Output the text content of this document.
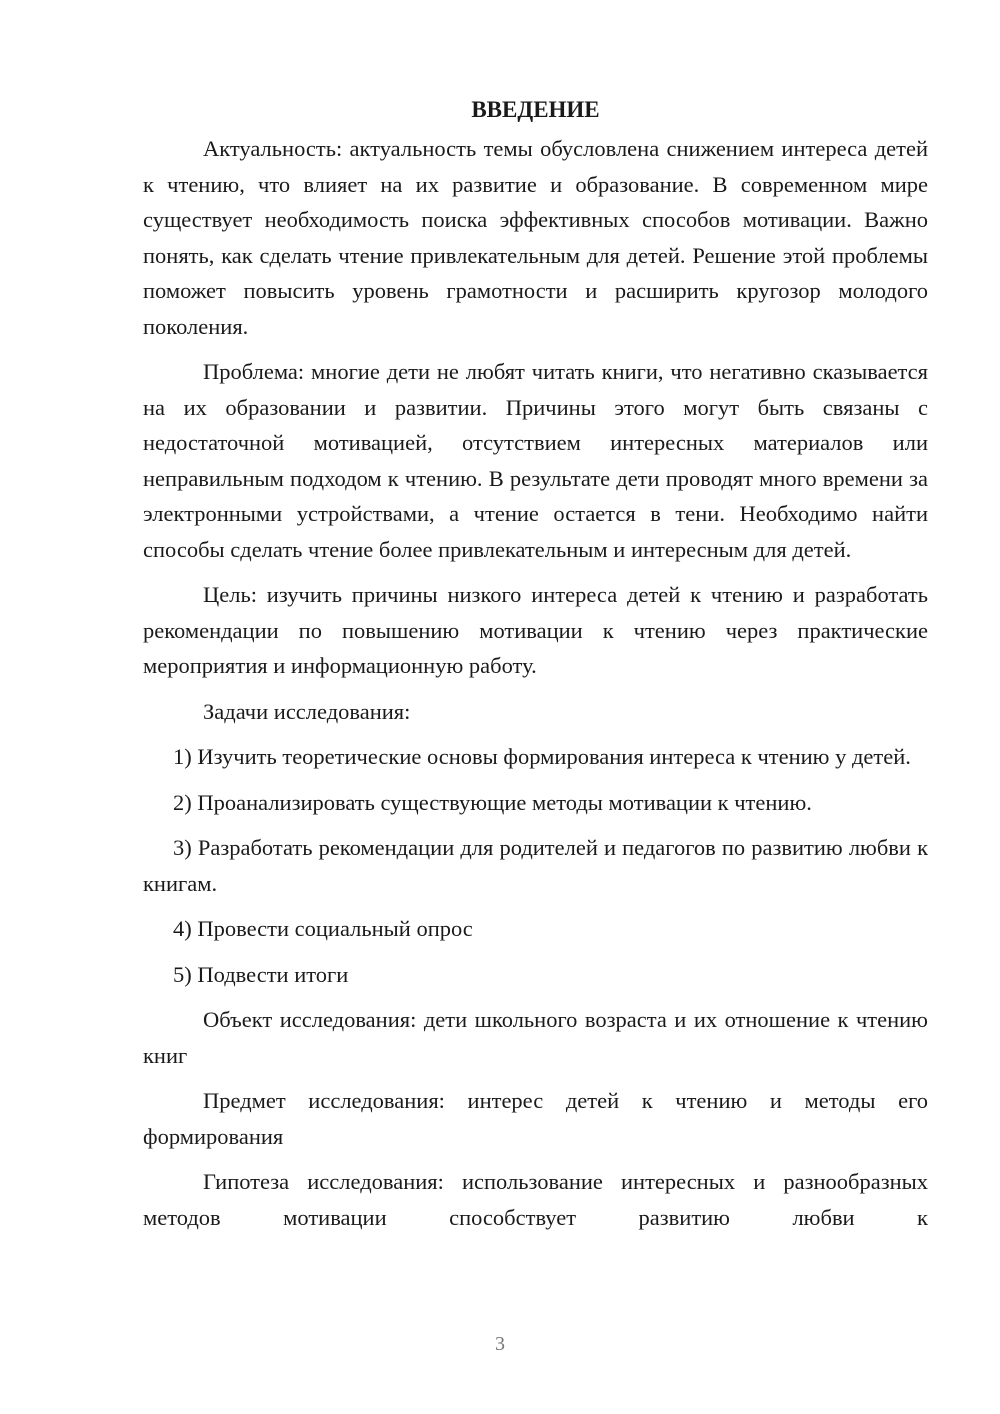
ВВЕДЕНИЕ

Актуальность: актуальность темы обусловлена снижением интереса детей к чтению, что влияет на их развитие и образование. В современном мире существует необходимость поиска эффективных способов мотивации. Важно понять, как сделать чтение привлекательным для детей. Решение этой проблемы поможет повысить уровень грамотности и расширить кругозор молодого поколения.

Проблема: многие дети не любят читать книги, что негативно сказывается на их образовании и развитии. Причины этого могут быть связаны с недостаточной мотивацией, отсутствием интересных материалов или неправильным подходом к чтению. В результате дети проводят много времени за электронными устройствами, а чтение остается в тени. Необходимо найти способы сделать чтение более привлекательным и интересным для детей.

Цель: изучить причины низкого интереса детей к чтению и разработать рекомендации по повышению мотивации к чтению через практические мероприятия и информационную работу.

Задачи исследования:

1) Изучить теоретические основы формирования интереса к чтению у детей.

2) Проанализировать существующие методы мотивации к чтению.

3) Разработать рекомендации для родителей и педагогов по развитию любви к книгам.

4) Провести социальный опрос

5) Подвести итоги

Объект исследования: дети школьного возраста и их отношение к чтению книг

Предмет исследования: интерес детей к чтению и методы его формирования

Гипотеза исследования: использование интересных и разнообразных методов мотивации способствует развитию любви к

3
